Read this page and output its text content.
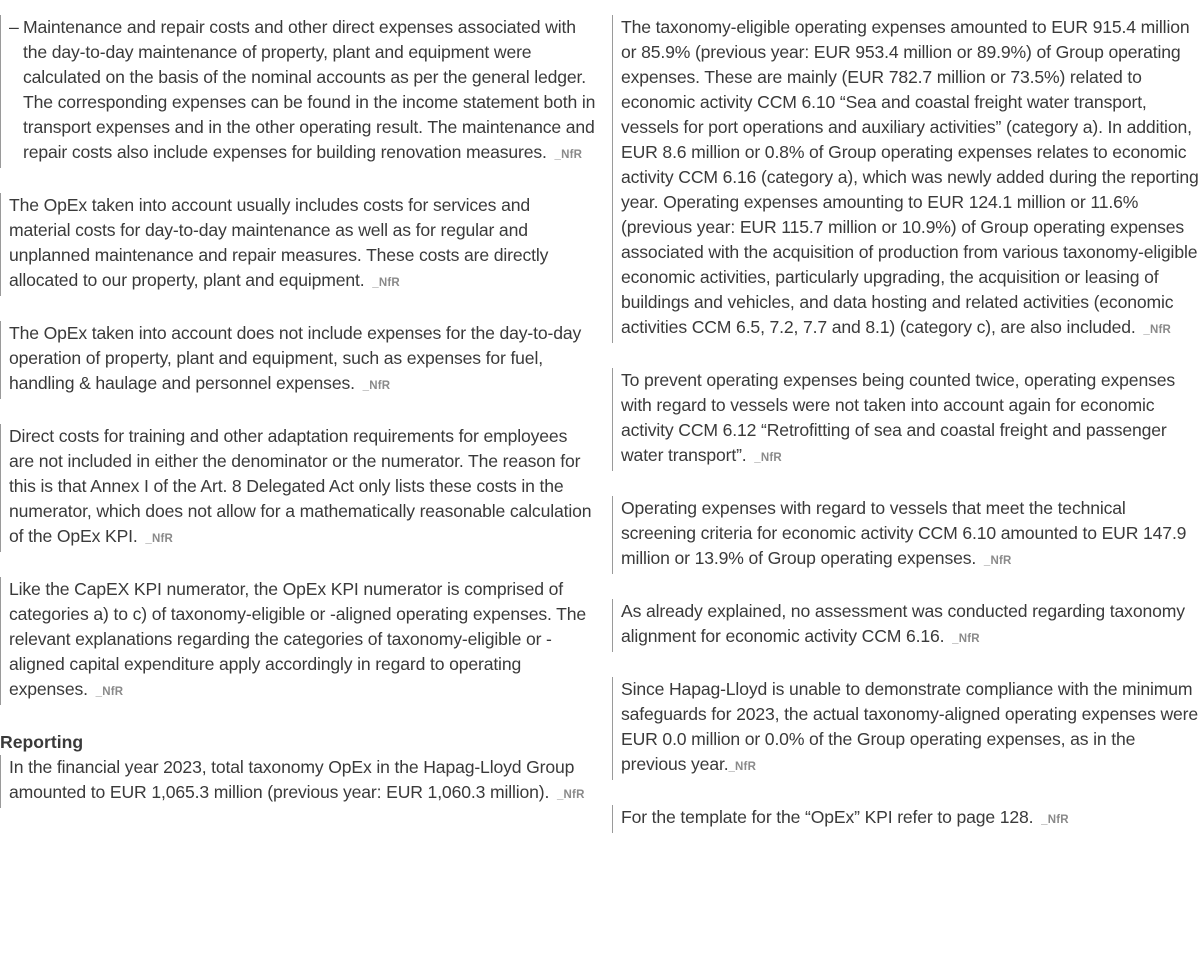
– Maintenance and repair costs and other direct expenses associated with the day-to-day maintenance of property, plant and equipment were calculated on the basis of the nominal accounts as per the general ledger. The corresponding expenses can be found in the income statement both in transport expenses and in the other operating result. The maintenance and repair costs also include expenses for building renovation measures. _NfR
The OpEx taken into account usually includes costs for services and material costs for day-to-day maintenance as well as for regular and unplanned maintenance and repair measures. These costs are directly allocated to our property, plant and equipment. _NfR
The OpEx taken into account does not include expenses for the day-to-day operation of property, plant and equipment, such as expenses for fuel, handling & haulage and personnel expenses. _NfR
Direct costs for training and other adaptation requirements for employees are not included in either the denominator or the numerator. The reason for this is that Annex I of the Art. 8 Delegated Act only lists these costs in the numerator, which does not allow for a mathematically reasonable calculation of the OpEx KPI. _NfR
Like the CapEX KPI numerator, the OpEx KPI numerator is comprised of categories a) to c) of taxonomy-eligible or -aligned operating expenses. The relevant explanations regarding the categories of taxonomy-eligible or -aligned capital expenditure apply accordingly in regard to operating expenses. _NfR
Reporting
In the financial year 2023, total taxonomy OpEx in the Hapag-Lloyd Group amounted to EUR 1,065.3 million (previous year: EUR 1,060.3 million). _NfR
The taxonomy-eligible operating expenses amounted to EUR 915.4 million or 85.9% (previous year: EUR 953.4 million or 89.9%) of Group operating expenses. These are mainly (EUR 782.7 million or 73.5%) related to economic activity CCM 6.10 “Sea and coastal freight water transport, vessels for port operations and auxiliary activities” (category a). In addition, EUR 8.6 million or 0.8% of Group operating expenses relates to economic activity CCM 6.16 (category a), which was newly added during the reporting year. Operating expenses amounting to EUR 124.1 million or 11.6% (previous year: EUR 115.7 million or 10.9%) of Group operating expenses associated with the acquisition of production from various taxonomy-eligible economic activities, particularly upgrading, the acquisition or leasing of buildings and vehicles, and data hosting and related activities (economic activities CCM 6.5, 7.2, 7.7 and 8.1) (category c), are also included. _NfR
To prevent operating expenses being counted twice, operating expenses with regard to vessels were not taken into account again for economic activity CCM 6.12 “Retrofitting of sea and coastal freight and passenger water transport”. _NfR
Operating expenses with regard to vessels that meet the technical screening criteria for economic activity CCM 6.10 amounted to EUR 147.9 million or 13.9% of Group operating expenses. _NfR
As already explained, no assessment was conducted regarding taxonomy alignment for economic activity CCM 6.16. _NfR
Since Hapag-Lloyd is unable to demonstrate compliance with the minimum safeguards for 2023, the actual taxonomy-aligned operating expenses were EUR 0.0 million or 0.0% of the Group operating expenses, as in the previous year._NfR
For the template for the “OpEx” KPI refer to page 128. _NfR
